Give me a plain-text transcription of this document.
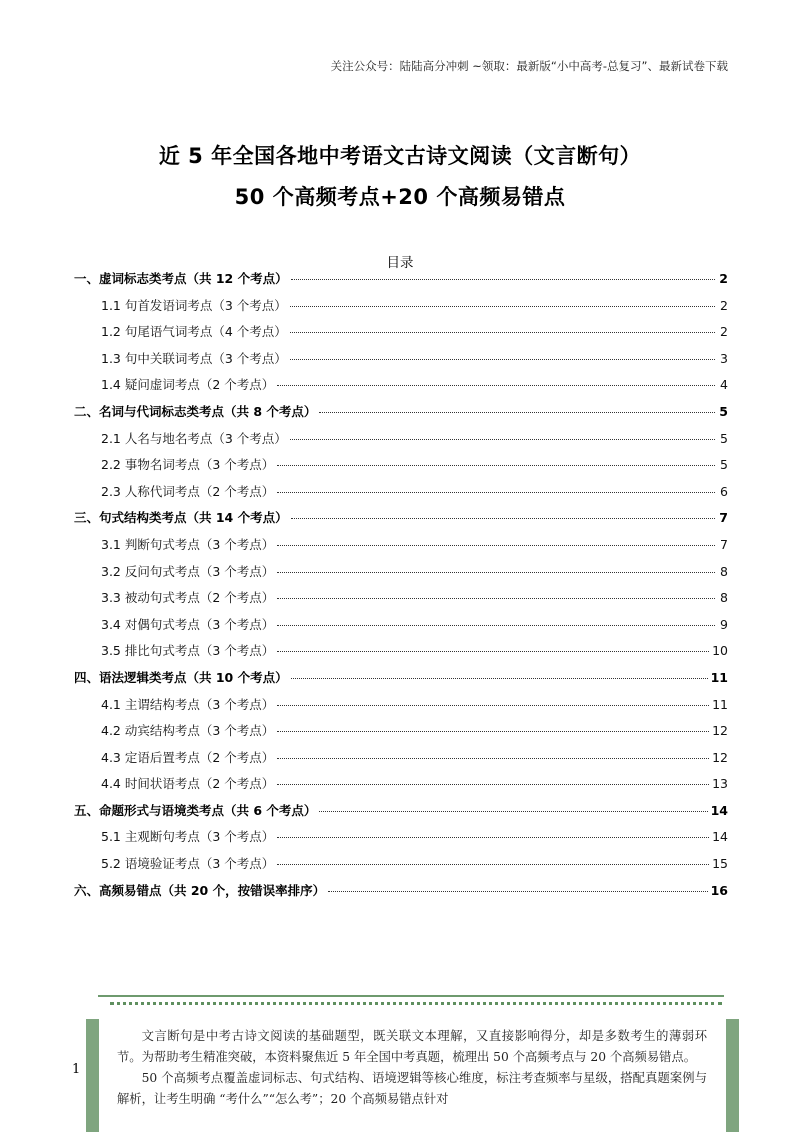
关注公众号：陆陆高分冲刺 ~领取：最新版“小中高考-总复习”、最新试卷下载
近 5 年全国各地中考语文古诗文阅读（文言断句）
50 个高频考点+20 个高频易错点
目录
一、虚词标志类考点（共 12 个考点）	2
1.1 句首发语词考点（3 个考点）	2
1.2 句尾语气词考点（4 个考点）	2
1.3 句中关联词考点（3 个考点）	3
1.4 疑问虚词考点（2 个考点）	4
二、名词与代词标志类考点（共 8 个考点）	5
2.1 人名与地名考点（3 个考点）	5
2.2 事物名词考点（3 个考点）	5
2.3 人称代词考点（2 个考点）	6
三、句式结构类考点（共 14 个考点）	7
3.1 判断句式考点（3 个考点）	7
3.2 反问句式考点（3 个考点）	8
3.3 被动句式考点（2 个考点）	8
3.4 对偶句式考点（3 个考点）	9
3.5 排比句式考点（3 个考点）	10
四、语法逻辑类考点（共 10 个考点）	11
4.1 主谓结构考点（3 个考点）	11
4.2 动宾结构考点（3 个考点）	12
4.3 定语后置考点（2 个考点）	12
4.4 时间状语考点（2 个考点）	13
五、命题形式与语境类考点（共 6 个考点）	14
5.1 主观断句考点（3 个考点）	14
5.2 语境验证考点（3 个考点）	15
六、高频易错点（共 20 个，按错误率排序）	16
1

文言断句是中考古诗文阅读的基础题型，既关联文本理解，又直接影响得分，却是多数考生的薄弱环节。为帮助考生精准突破，本资料聚焦近 5 年全国中考真题，梳理出 50 个高频考点与 20 个高频易错点。

50 个高频考点覆盖虚词标志、句式结构、语境逻辑等核心维度，标注考查频率与星级，搭配真题案例与解析，让考生明确 “考什么”“怎么考”；20 个高频易错点针对
